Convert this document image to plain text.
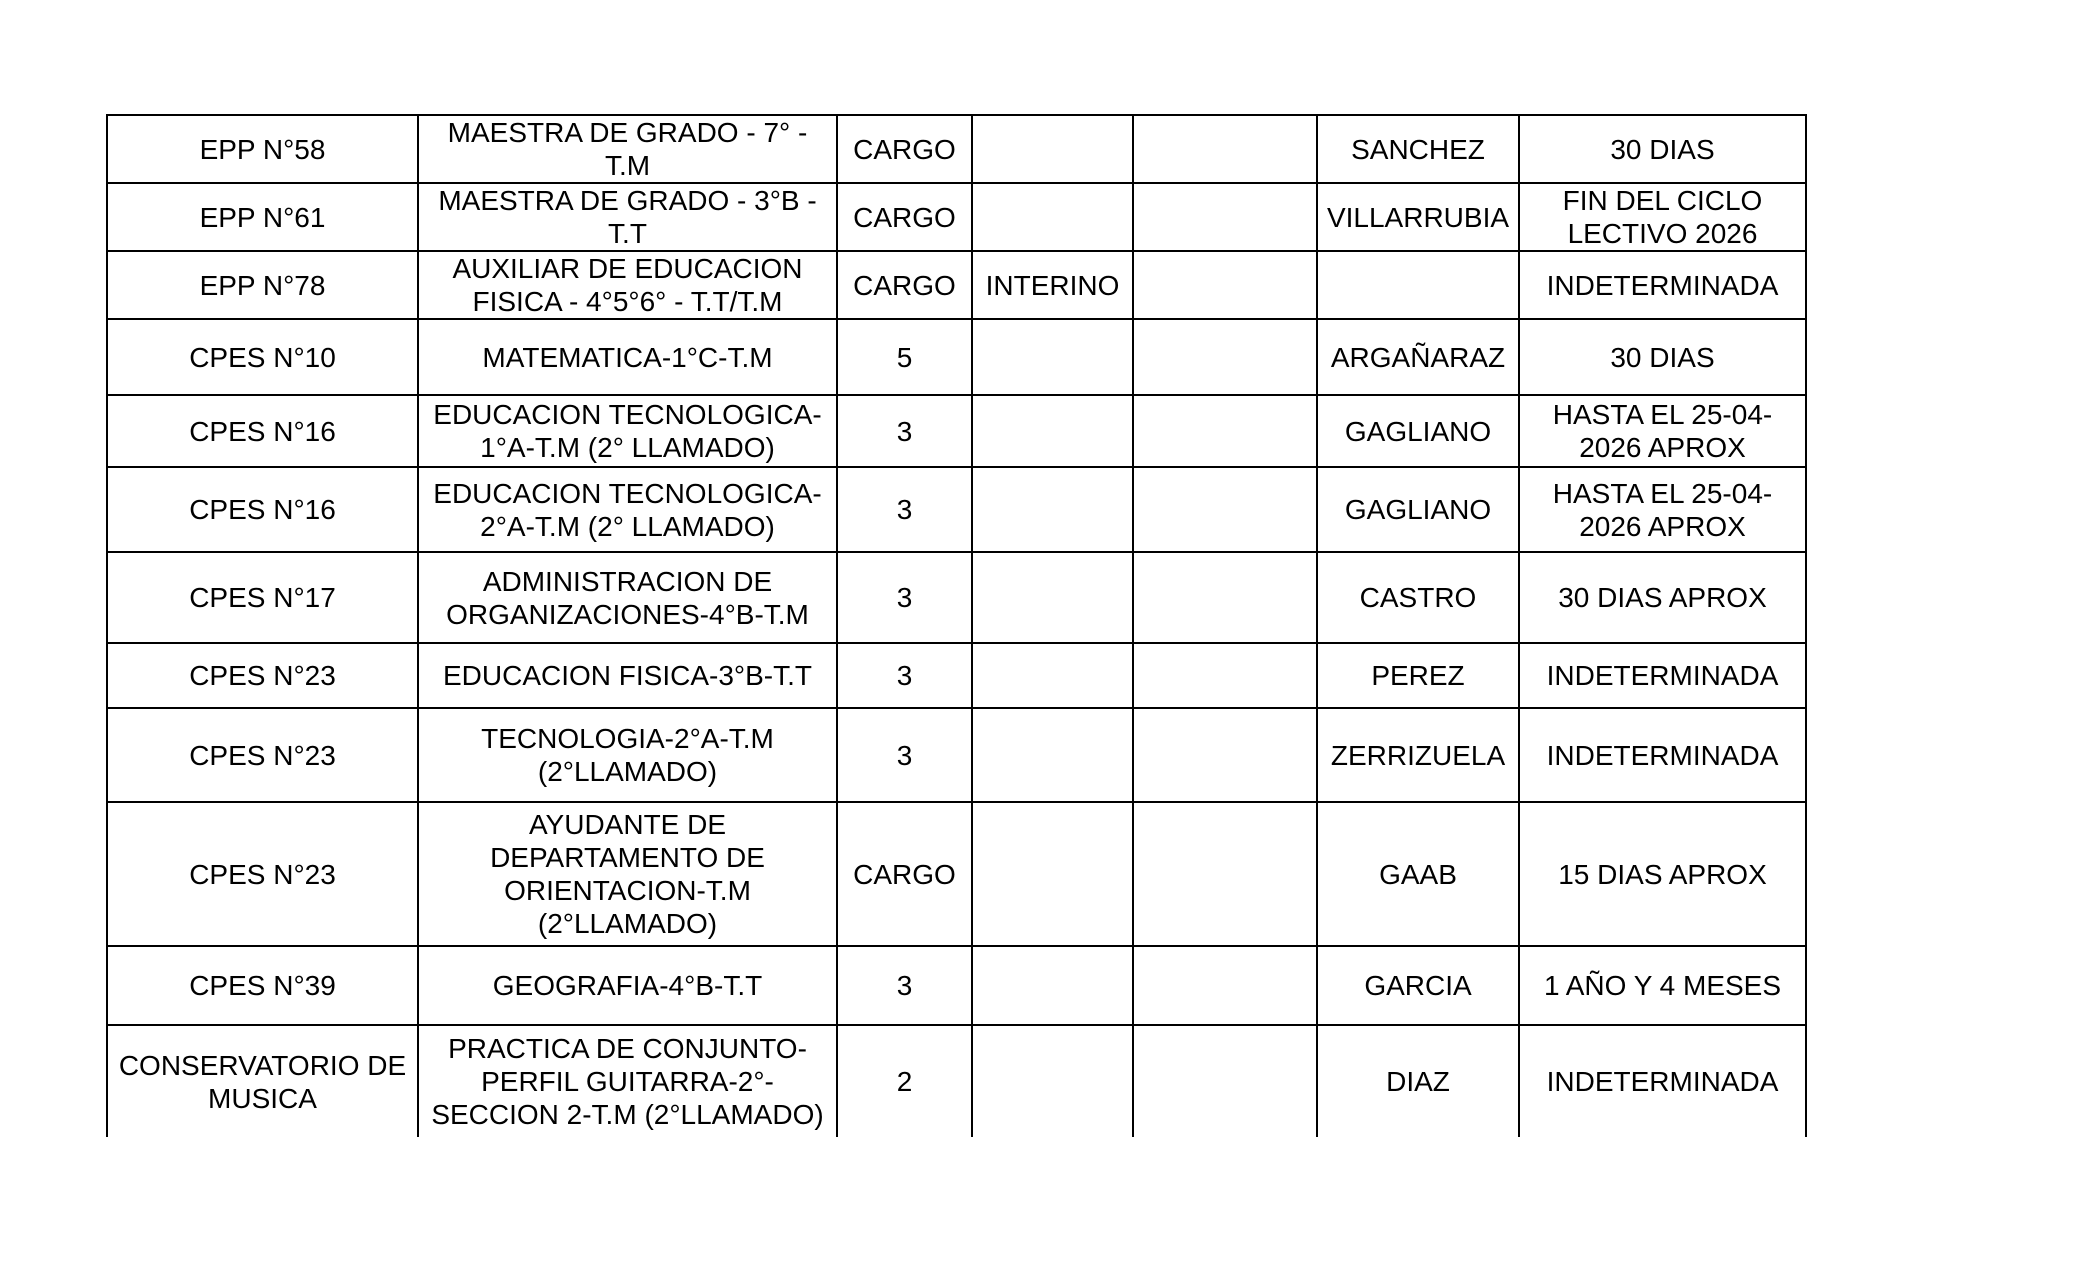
EPP N°58	MAESTRA DE GRADO - 7° - T.M	CARGO			SANCHEZ	30 DIAS
EPP N°61	MAESTRA DE GRADO - 3°B - T.T	CARGO			VILLARRUBIA	FIN DEL CICLO LECTIVO 2026
EPP N°78	AUXILIAR DE EDUCACION FISICA - 4°5°6° - T.T/T.M	CARGO	INTERINO			INDETERMINADA
CPES N°10	MATEMATICA-1°C-T.M	5			ARGAÑARAZ	30 DIAS
CPES N°16	EDUCACION TECNOLOGICA-1°A-T.M (2° LLAMADO)	3			GAGLIANO	HASTA EL 25-04-2026 APROX
CPES N°16	EDUCACION TECNOLOGICA-2°A-T.M (2° LLAMADO)	3			GAGLIANO	HASTA EL 25-04-2026 APROX
CPES N°17	ADMINISTRACION DE ORGANIZACIONES-4°B-T.M	3			CASTRO	30 DIAS APROX
CPES N°23	EDUCACION FISICA-3°B-T.T	3			PEREZ	INDETERMINADA
CPES N°23	TECNOLOGIA-2°A-T.M (2°LLAMADO)	3			ZERRIZUELA	INDETERMINADA
CPES N°23	AYUDANTE DE DEPARTAMENTO DE ORIENTACION-T.M (2°LLAMADO)	CARGO			GAAB	15 DIAS APROX
CPES N°39	GEOGRAFIA-4°B-T.T	3			GARCIA	1 AÑO Y 4 MESES
CONSERVATORIO DE MUSICA	PRACTICA DE CONJUNTO-PERFIL GUITARRA-2°-SECCION 2-T.M (2°LLAMADO)	2			DIAZ	INDETERMINADA
